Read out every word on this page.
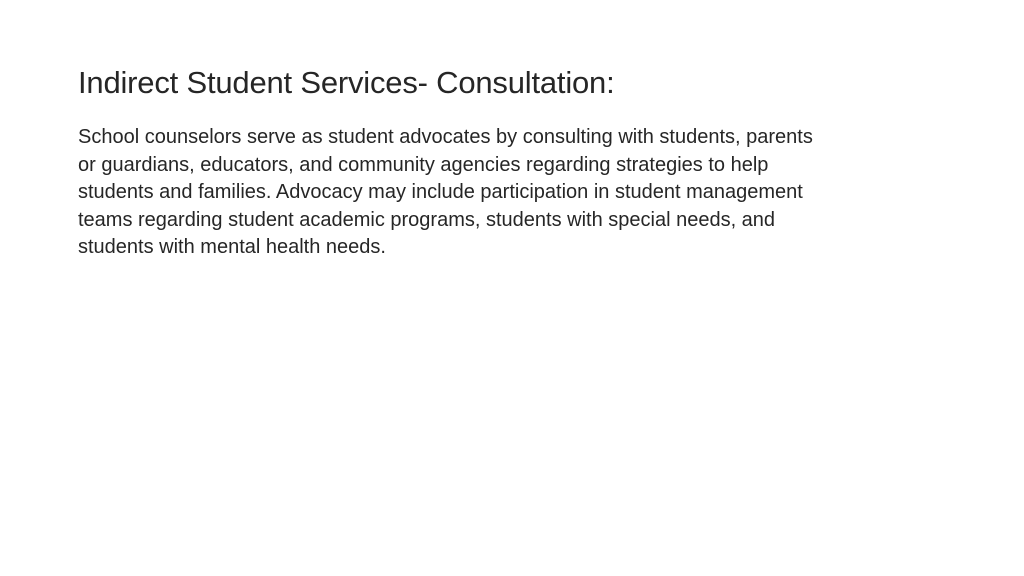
Indirect Student Services- Consultation:

School counselors serve as student advocates by consulting with students, parents
or guardians, educators, and community agencies regarding strategies to help
students and families. Advocacy may include participation in student management
teams regarding student academic programs, students with special needs, and
students with mental health needs.
